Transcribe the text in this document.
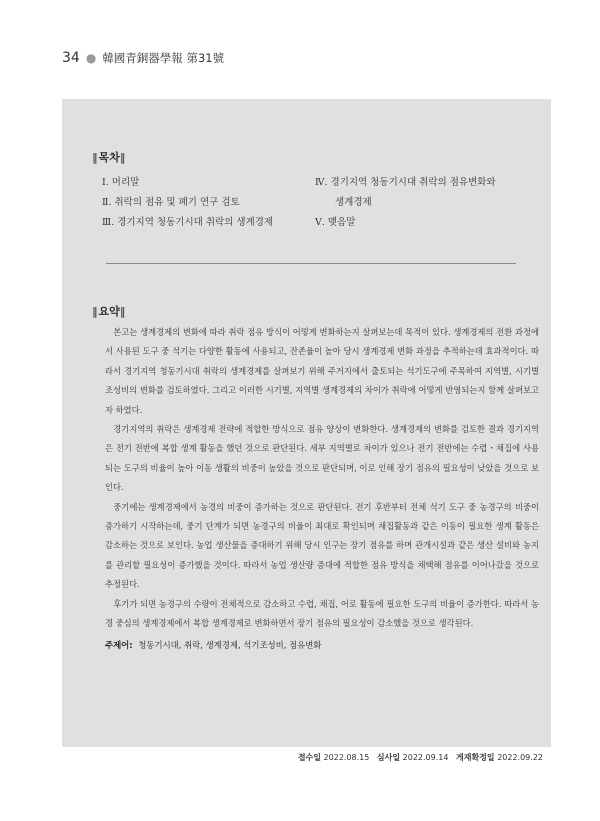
34 ● 韓國青銅器學報 第31號
‖목차‖
Ⅰ. 머리말
Ⅱ. 취락의 점유 및 폐기 연구 검토
Ⅲ. 경기지역 청동기시대 취락의 생계경제
Ⅳ. 경기지역 청동기시대 취락의 점유변화와
생계경제
Ⅴ. 맺음말
‖요약‖

본고는 생계경제의 변화에 따라 취락 점유 방식이 어떻게 변화하는지 살펴보는데 목적이 있다. 생계경제의 전환 과정에서 사용된 도구 중 석기는 다양한 활동에 사용되고, 잔존율이 높아 당시 생계경제 변화 과정을 추적하는데 효과적이다. 따라서 경기지역 청동기시대 취락의 생계경제를 살펴보기 위해 주거지에서 출토되는 석기도구에 주목하여 지역별, 시기별 조성비의 변화를 검토하였다. 그리고 이러한 시기별, 지역별 생계경제의 차이가 취락에 어떻게 반영되는지 함께 살펴보고자 하였다.

경기지역의 취락은 생계경제 전략에 적합한 방식으로 점유 양상이 변화한다. 생계경제의 변화를 검토한 결과 경기지역은 전기 전반에 복합 생계 활동을 했던 것으로 판단된다. 세부 지역별로 차이가 있으나 전기 전반에는 수렵・채집에 사용되는 도구의 비율이 높아 이동 생활의 비중이 높았을 것으로 판단되며, 이로 인해 장기 점유의 필요성이 낮았을 것으로 보인다.

중기에는 생계경제에서 농경의 비중이 증가하는 것으로 판단된다. 전기 후반부터 전체 석기 도구 중 농경구의 비중이 증가하기 시작하는데, 중기 단계가 되면 농경구의 비율이 최대로 확인되며 채집활동과 같은 이동이 필요한 생계 활동은 감소하는 것으로 보인다. 농업 생산물을 증대하기 위해 당시 인구는 장기 점유를 하며 관개시설과 같은 생산 설비와 농지를 관리할 필요성이 증가했을 것이다. 따라서 농업 생산량 증대에 적합한 점유 방식을 채택해 점유를 이어나갔을 것으로 추정된다.

후기가 되면 농경구의 수량이 전체적으로 감소하고 수렵, 채집, 어로 활동에 필요한 도구의 비율이 증가한다. 따라서 농경 중심의 생계경제에서 복합 생계경제로 변화하면서 장기 점유의 필요성이 감소했을 것으로 생각된다.

주제어: 청동기시대, 취락, 생계경제, 석기조성비, 점유변화
접수일 2022.08.15 심사일 2022.09.14 게재확정일 2022.09.22
